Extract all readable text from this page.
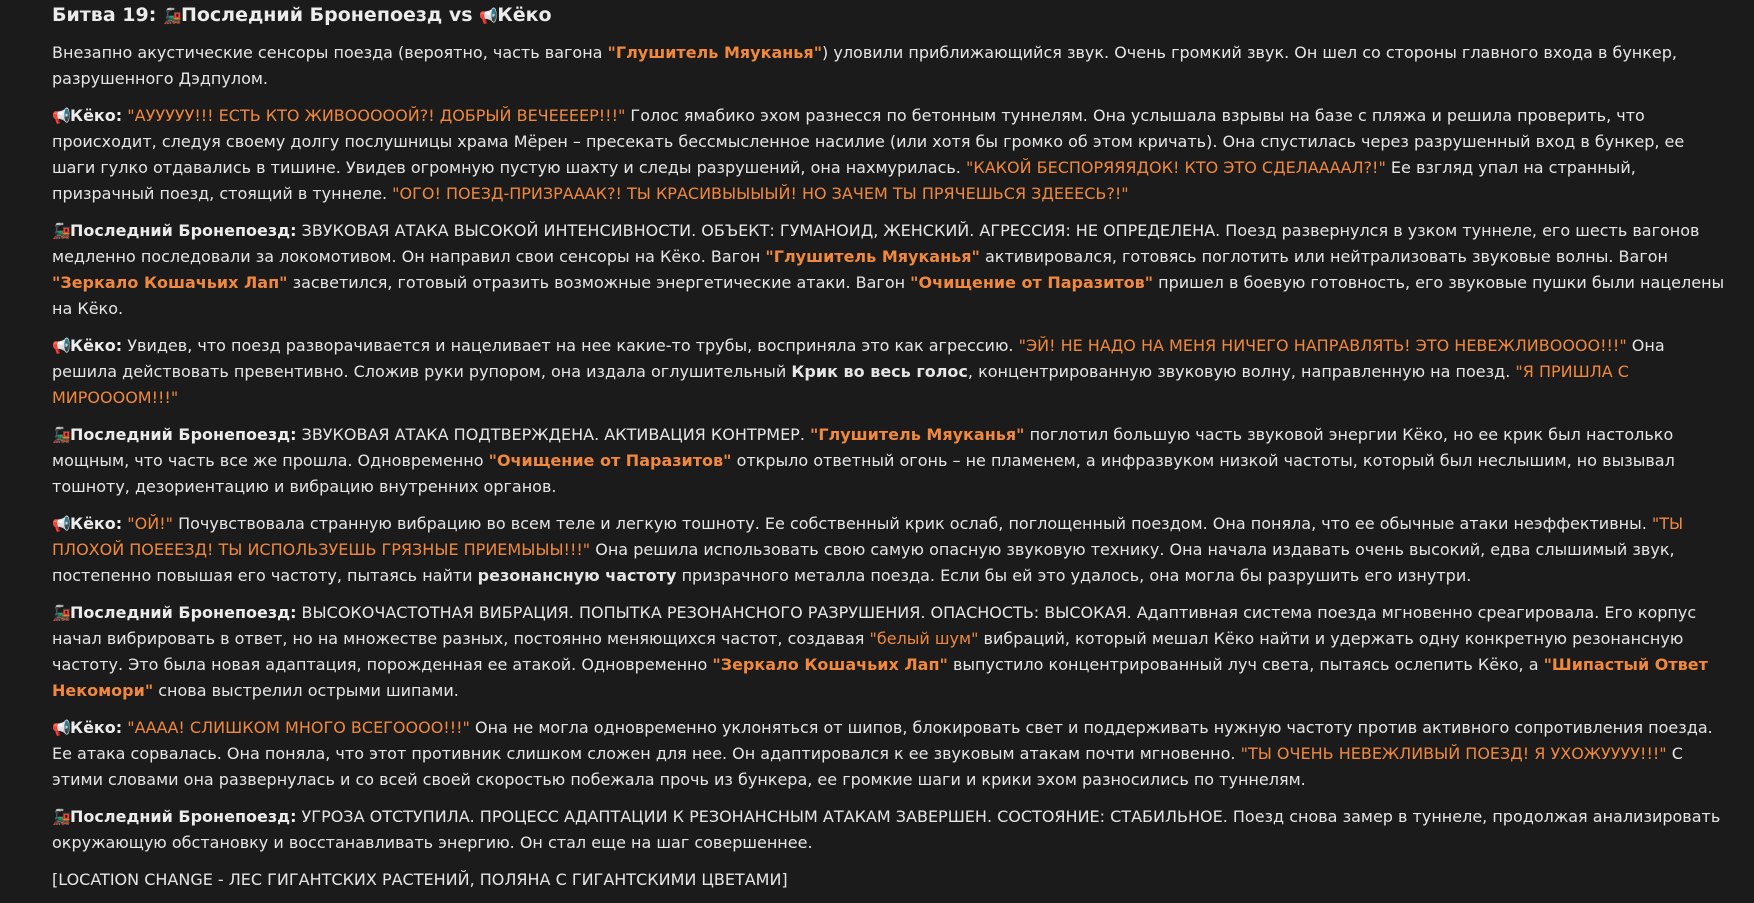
Битва 19: 🚂Последний Бронепоезд vs 📢Кёко

Внезапно акустические сенсоры поезда (вероятно, часть вагона "Глушитель Мяуканья") уловили приближающийся звук. Очень громкий звук. Он шел со стороны главного входа в бункер, разрушенного Дэдпулом.

📢Кёко: "АУУУУУ!!! ЕСТЬ КТО ЖИВОООООЙ?! ДОБРЫЙ ВЕЧЕЕЕЕР!!!" Голос ямабико эхом разнесся по бетонным туннелям. Она услышала взрывы на базе с пляжа и решила проверить, что происходит, следуя своему долгу послушницы храма Мёрен – пресекать бессмысленное насилие (или хотя бы громко об этом кричать). Она спустилась через разрушенный вход в бункер, ее шаги гулко отдавались в тишине. Увидев огромную пустую шахту и следы разрушений, она нахмурилась. "КАКОЙ БЕСПОРЯЯЯДОК! КТО ЭТО СДЕЛААААЛ?!" Ее взгляд упал на странный, призрачный поезд, стоящий в туннеле. "ОГО! ПОЕЗД-ПРИЗРАААК?! ТЫ КРАСИВЫЫЫЫЙ! НО ЗАЧЕМ ТЫ ПРЯЧЕШЬСЯ ЗДЕЕЕСЬ?!"

🚂Последний Бронепоезд: ЗВУКОВАЯ АТАКА ВЫСОКОЙ ИНТЕНСИВНОСТИ. ОБЪЕКТ: ГУМАНОИД, ЖЕНСКИЙ. АГРЕССИЯ: НЕ ОПРЕДЕЛЕНА. Поезд развернулся в узком туннеле, его шесть вагонов медленно последовали за локомотивом. Он направил свои сенсоры на Кёко. Вагон "Глушитель Мяуканья" активировался, готовясь поглотить или нейтрализовать звуковые волны. Вагон "Зеркало Кошачьих Лап" засветился, готовый отразить возможные энергетические атаки. Вагон "Очищение от Паразитов" пришел в боевую готовность, его звуковые пушки были нацелены на Кёко.

📢Кёко: Увидев, что поезд разворачивается и нацеливает на нее какие-то трубы, восприняла это как агрессию. "ЭЙ! НЕ НАДО НА МЕНЯ НИЧЕГО НАПРАВЛЯТЬ! ЭТО НЕВЕЖЛИВОООО!!!" Она решила действовать превентивно. Сложив руки рупором, она издала оглушительный Крик во весь голос, концентрированную звуковую волну, направленную на поезд. "Я ПРИШЛА С МИРООООМ!!!"

🚂Последний Бронепоезд: ЗВУКОВАЯ АТАКА ПОДТВЕРЖДЕНА. АКТИВАЦИЯ КОНТРМЕР. "Глушитель Мяуканья" поглотил большую часть звуковой энергии Кёко, но ее крик был настолько мощным, что часть все же прошла. Одновременно "Очищение от Паразитов" открыло ответный огонь – не пламенем, а инфразвуком низкой частоты, который был неслышим, но вызывал тошноту, дезориентацию и вибрацию внутренних органов.

📢Кёко: "ОЙ!" Почувствовала странную вибрацию во всем теле и легкую тошноту. Ее собственный крик ослаб, поглощенный поездом. Она поняла, что ее обычные атаки неэффективны. "ТЫ ПЛОХОЙ ПОЕЕЕЗД! ТЫ ИСПОЛЬЗУЕШЬ ГРЯЗНЫЕ ПРИЕМЫЫЫ!!!" Она решила использовать свою самую опасную звуковую технику. Она начала издавать очень высокий, едва слышимый звук, постепенно повышая его частоту, пытаясь найти резонансную частоту призрачного металла поезда. Если бы ей это удалось, она могла бы разрушить его изнутри.

🚂Последний Бронепоезд: ВЫСОКОЧАСТОТНАЯ ВИБРАЦИЯ. ПОПЫТКА РЕЗОНАНСНОГО РАЗРУШЕНИЯ. ОПАСНОСТЬ: ВЫСОКАЯ. Адаптивная система поезда мгновенно среагировала. Его корпус начал вибрировать в ответ, но на множестве разных, постоянно меняющихся частот, создавая "белый шум" вибраций, который мешал Кёко найти и удержать одну конкретную резонансную частоту. Это была новая адаптация, порожденная ее атакой. Одновременно "Зеркало Кошачьих Лап" выпустило концентрированный луч света, пытаясь ослепить Кёко, а "Шипастый Ответ Некомори" снова выстрелил острыми шипами.

📢Кёко: "АААА! СЛИШКОМ МНОГО ВСЕГОООО!!!" Она не могла одновременно уклоняться от шипов, блокировать свет и поддерживать нужную частоту против активного сопротивления поезда. Ее атака сорвалась. Она поняла, что этот противник слишком сложен для нее. Он адаптировался к ее звуковым атакам почти мгновенно. "ТЫ ОЧЕНЬ НЕВЕЖЛИВЫЙ ПОЕЗД! Я УХОЖУУУУ!!!" С этими словами она развернулась и со всей своей скоростью побежала прочь из бункера, ее громкие шаги и крики эхом разносились по туннелям.

🚂Последний Бронепоезд: УГРОЗА ОТСТУПИЛА. ПРОЦЕСС АДАПТАЦИИ К РЕЗОНАНСНЫМ АТАКАМ ЗАВЕРШЕН. СОСТОЯНИЕ: СТАБИЛЬНОЕ. Поезд снова замер в туннеле, продолжая анализировать окружающую обстановку и восстанавливать энергию. Он стал еще на шаг совершеннее.

[LOCATION CHANGE - ЛЕС ГИГАНТСКИХ РАСТЕНИЙ, ПОЛЯНА С ГИГАНТСКИМИ ЦВЕТАМИ]
